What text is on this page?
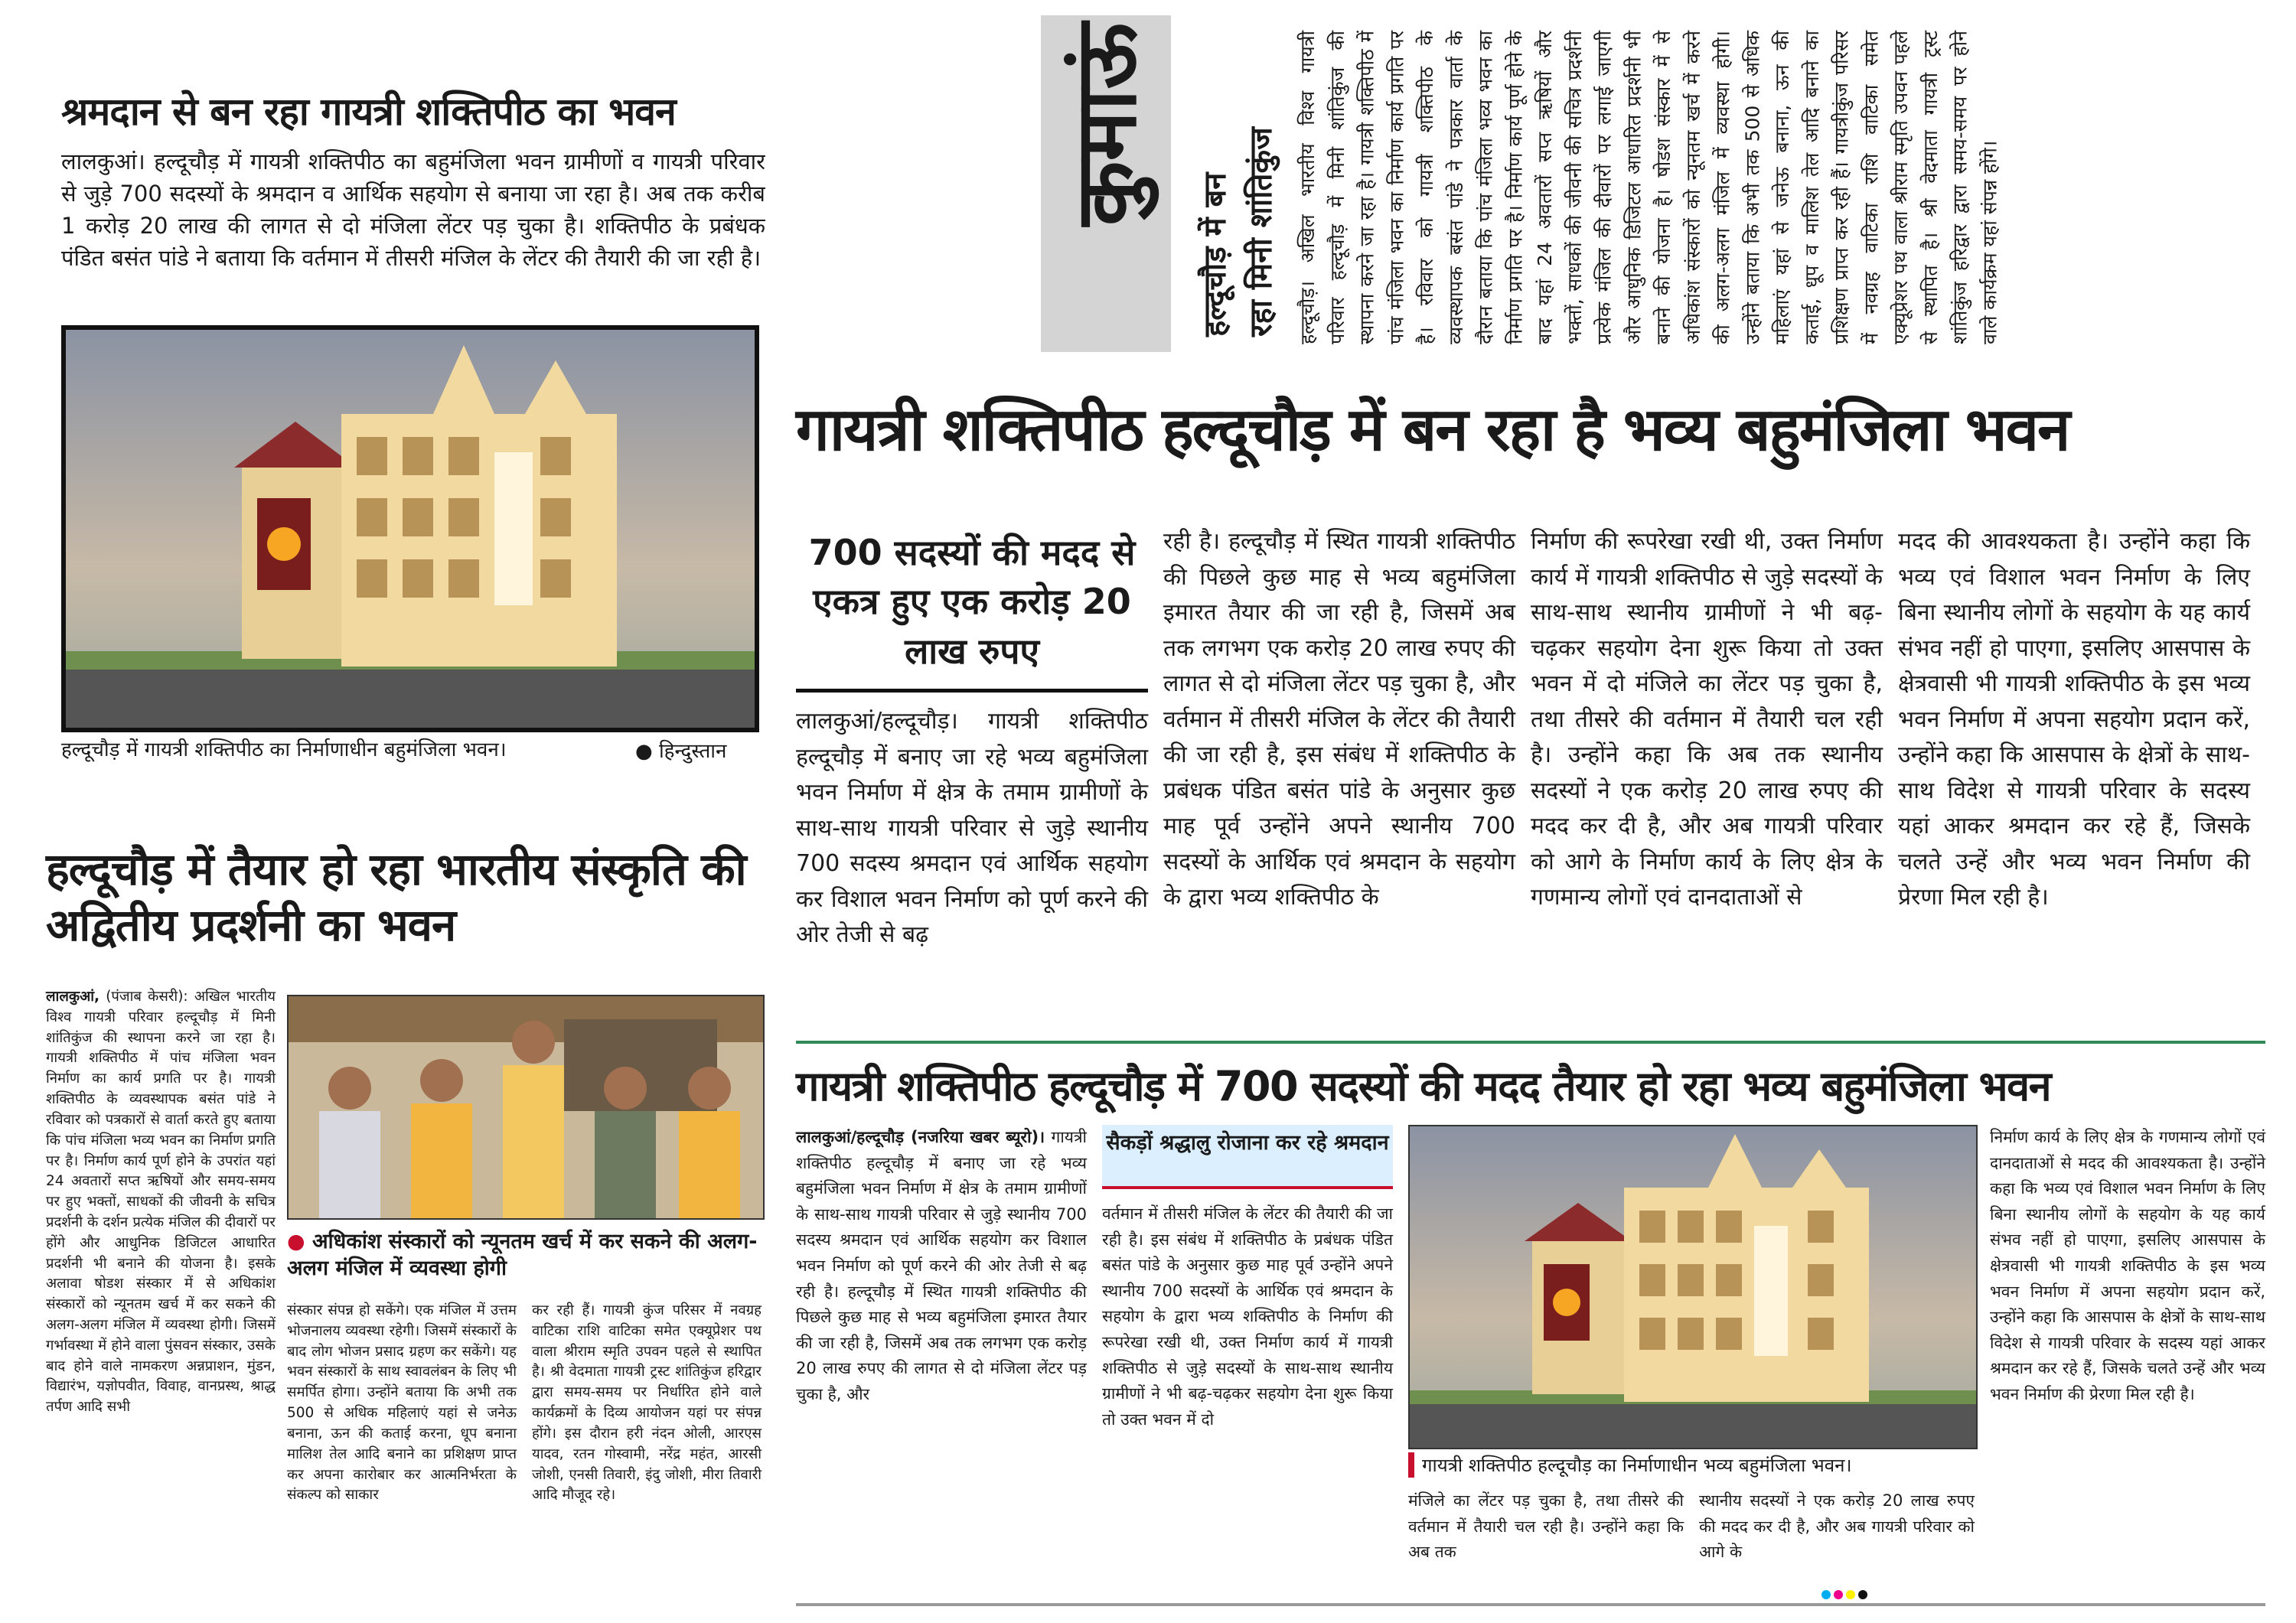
श्रमदान से बन रहा गायत्री शक्तिपीठ का भवन
लालकुआं। हल्दूचौड़ में गायत्री शक्तिपीठ का बहुमंजिला भवन ग्रामीणों व गायत्री परिवार से जुड़े 700 सदस्यों के श्रमदान व आर्थिक सहयोग से बनाया जा रहा है। अब तक करीब 1 करोड़ 20 लाख की लागत से दो मंजिला लेंटर पड़ चुका है। शक्तिपीठ के प्रबंधक पंडित बसंत पांडे ने बताया कि वर्तमान में तीसरी मंजिल के लेंटर की तैयारी की जा रही है।
हल्दूचौड़ में गायत्री शक्तिपीठ का निर्माणाधीन बहुमंजिला भवन।	● हिन्दुस्तान
कुमाऊं
हल्दूचौड़ में बन रहा मिनी शांतिकुंज हल्दूचौड़। अखिल भारतीय विश्व गायत्री परिवार हल्दूचौड़ में मिनी शांतिकुंज की स्थापना करने जा रहा है। गायत्री शक्तिपीठ में पांच मंजिला भवन का निर्माण कार्य प्रगति पर है। रविवार को गायत्री शक्तिपीठ के व्यवस्थापक बसंत पांडे ने पत्रकार वार्ता के दौरान बताया कि पांच मंजिला भव्य भवन का निर्माण प्रगति पर है। निर्माण कार्य पूर्ण होने के बाद यहां 24 अवतारों सप्त ऋषियों और भक्तों, साधकों की जीवनी की सचित्र प्रदर्शनी प्रत्येक मंजिल की दीवारों पर लगाई जाएगी और आधुनिक डिजिटल आधारित प्रदर्शनी भी बनाने की योजना है। षोडश संस्कार में से अधिकांश संस्कारों को न्यूनतम खर्च में करने की अलग-अलग मंजिल में व्यवस्था होगी। उन्होंने बताया कि अभी तक 500 से अधिक महिलाएं यहां से जनेऊ बनाना, ऊन की कताई, धूप व मालिश तेल आदि बनाने का प्रशिक्षण प्राप्त कर रही हैं। गायत्रीकुंज परिसर में नवग्रह वाटिका राशि वाटिका समेत एक्यूप्रेशर पथ वाला श्रीराम स्मृति उपवन पहले से स्थापित है। श्री वेदमाता गायत्री ट्रस्ट शांतिकुंज हरिद्वार द्वारा समय-समय पर होने वाले कार्यक्रम यहां संपन्न होंगे।
गायत्री शक्तिपीठ हल्दूचौड़ में बन रहा है भव्य बहुमंजिला भवन
700 सदस्यों की मदद से एकत्र हुए एक करोड़ 20 लाख रुपए
लालकुआं/हल्दूचौड़। गायत्री शक्तिपीठ हल्दूचौड़ में बनाए जा रहे भव्य बहुमंजिला भवन निर्माण में क्षेत्र के तमाम ग्रामीणों के साथ-साथ गायत्री परिवार से जुड़े स्थानीय 700 सदस्य श्रमदान एवं आर्थिक सहयोग कर विशाल भवन निर्माण को पूर्ण करने की ओर तेजी से बढ़
रही है। हल्दूचौड़ में स्थित गायत्री शक्तिपीठ की पिछले कुछ माह से भव्य बहुमंजिला इमारत तैयार की जा रही है, जिसमें अब तक लगभग एक करोड़ 20 लाख रुपए की लागत से दो मंजिला लेंटर पड़ चुका है, और वर्तमान में तीसरी मंजिल के लेंटर की तैयारी की जा रही है, इस संबंध में शक्तिपीठ के प्रबंधक पंडित बसंत पांडे के अनुसार कुछ माह पूर्व उन्होंने अपने स्थानीय 700 सदस्यों के आर्थिक एवं श्रमदान के सहयोग के द्वारा भव्य शक्तिपीठ के
निर्माण की रूपरेखा रखी थी, उक्त निर्माण कार्य में गायत्री शक्तिपीठ से जुड़े सदस्यों के साथ-साथ स्थानीय ग्रामीणों ने भी बढ़-चढ़कर सहयोग देना शुरू किया तो उक्त भवन में दो मंजिले का लेंटर पड़ चुका है, तथा तीसरे की वर्तमान में तैयारी चल रही है। उन्होंने कहा कि अब तक स्थानीय सदस्यों ने एक करोड़ 20 लाख रुपए की मदद कर दी है, और अब गायत्री परिवार को आगे के निर्माण कार्य के लिए क्षेत्र के गणमान्य लोगों एवं दानदाताओं से
मदद की आवश्यकता है। उन्होंने कहा कि भव्य एवं विशाल भवन निर्माण के लिए बिना स्थानीय लोगों के सहयोग के यह कार्य संभव नहीं हो पाएगा, इसलिए आसपास के क्षेत्रवासी भी गायत्री शक्तिपीठ के इस भव्य भवन निर्माण में अपना सहयोग प्रदान करें, उन्होंने कहा कि आसपास के क्षेत्रों के साथ-साथ विदेश से गायत्री परिवार के सदस्य यहां आकर श्रमदान कर रहे हैं, जिसके चलते उन्हें और भव्य भवन निर्माण की प्रेरणा मिल रही है।
हल्दूचौड़ में तैयार हो रहा भारतीय संस्कृति की अद्वितीय प्रदर्शनी का भवन
लालकुआं, (पंजाब केसरी): अखिल भारतीय विश्व गायत्री परिवार हल्दूचौड़ में मिनी शांतिकुंज की स्थापना करने जा रहा है। गायत्री शक्तिपीठ में पांच मंजिला भवन निर्माण का कार्य प्रगति पर है। गायत्री शक्तिपीठ के व्यवस्थापक बसंत पांडे ने रविवार को पत्रकारों से वार्ता करते हुए बताया कि पांच मंजिला भव्य भवन का निर्माण प्रगति पर है। निर्माण कार्य पूर्ण होने के उपरांत यहां 24 अवतारों सप्त ऋषियों और समय-समय पर हुए भक्तों, साधकों की जीवनी के सचित्र प्रदर्शनी के दर्शन प्रत्येक मंजिल की दीवारों पर होंगे और आधुनिक डिजिटल आधारित प्रदर्शनी भी बनाने की योजना है। इसके अलावा षोडश संस्कार में से अधिकांश संस्कारों को न्यूनतम खर्च में कर सकने की अलग-अलग मंजिल में व्यवस्था होगी। जिसमें गर्भावस्था में होने वाला पुंसवन संस्कार, उसके बाद होने वाले नामकरण अन्नप्राशन, मुंडन, विद्यारंभ, यज्ञोपवीत, विवाह, वानप्रस्थ, श्राद्ध तर्पण आदि सभी
● अधिकांश संस्कारों को न्यूनतम खर्च में कर सकने की अलग-अलग मंजिल में व्यवस्था होगी
संस्कार संपन्न हो सकेंगे। एक मंजिल में उत्तम भोजनालय व्यवस्था रहेगी। जिसमें संस्कारों के बाद लोग भोजन प्रसाद ग्रहण कर सकेंगे। यह भवन संस्कारों के साथ स्वावलंबन के लिए भी समर्पित होगा। उन्होंने बताया कि अभी तक 500 से अधिक महिलाएं यहां से जनेऊ बनाना, ऊन की कताई करना, धूप बनाना मालिश तेल आदि बनाने का प्रशिक्षण प्राप्त कर अपना कारोबार कर आत्मनिर्भरता के संकल्प को साकार
कर रही हैं। गायत्री कुंज परिसर में नवग्रह वाटिका राशि वाटिका समेत एक्यूप्रेशर पथ वाला श्रीराम स्मृति उपवन पहले से स्थापित है। श्री वेदमाता गायत्री ट्रस्ट शांतिकुंज हरिद्वार द्वारा समय-समय पर निर्धारित होने वाले कार्यक्रमों के दिव्य आयोजन यहां पर संपन्न होंगे। इस दौरान हरी नंदन ओली, आरएस यादव, रतन गोस्वामी, नरेंद्र महंत, आरसी जोशी, एनसी तिवारी, इंदु जोशी, मीरा तिवारी आदि मौजूद रहे।
गायत्री शक्तिपीठ हल्दूचौड़ में 700 सदस्यों की मदद तैयार हो रहा भव्य बहुमंजिला भवन
लालकुआं/हल्दूचौड़ (नजरिया खबर ब्यूरो)। गायत्री शक्तिपीठ हल्दूचौड़ में बनाए जा रहे भव्य बहुमंजिला भवन निर्माण में क्षेत्र के तमाम ग्रामीणों के साथ-साथ गायत्री परिवार से जुड़े स्थानीय 700 सदस्य श्रमदान एवं आर्थिक सहयोग कर विशाल भवन निर्माण को पूर्ण करने की ओर तेजी से बढ़ रही है। हल्दूचौड़ में स्थित गायत्री शक्तिपीठ की पिछले कुछ माह से भव्य बहुमंजिला इमारत तैयार की जा रही है, जिसमें अब तक लगभग एक करोड़ 20 लाख रुपए की लागत से दो मंजिला लेंटर पड़ चुका है, और
सैकड़ों श्रद्धालु रोजाना कर रहे श्रमदान
वर्तमान में तीसरी मंजिल के लेंटर की तैयारी की जा रही है। इस संबंध में शक्तिपीठ के प्रबंधक पंडित बसंत पांडे के अनुसार कुछ माह पूर्व उन्होंने अपने स्थानीय 700 सदस्यों के आर्थिक एवं श्रमदान के सहयोग के द्वारा भव्य शक्तिपीठ के निर्माण की रूपरेखा रखी थी, उक्त निर्माण कार्य में गायत्री शक्तिपीठ से जुड़े सदस्यों के साथ-साथ स्थानीय ग्रामीणों ने भी बढ़-चढ़कर सहयोग देना शुरू किया तो उक्त भवन में दो
गायत्री शक्तिपीठ हल्दूचौड़ का निर्माणाधीन भव्य बहुमंजिला भवन।
मंजिले का लेंटर पड़ चुका है, तथा तीसरे की वर्तमान में तैयारी चल रही है। उन्होंने कहा कि अब तक
स्थानीय सदस्यों ने एक करोड़ 20 लाख रुपए की मदद कर दी है, और अब गायत्री परिवार को आगे के
निर्माण कार्य के लिए क्षेत्र के गणमान्य लोगों एवं दानदाताओं से मदद की आवश्यकता है। उन्होंने कहा कि भव्य एवं विशाल भवन निर्माण के लिए बिना स्थानीय लोगों के सहयोग के यह कार्य संभव नहीं हो पाएगा, इसलिए आसपास के क्षेत्रवासी भी गायत्री शक्तिपीठ के इस भव्य भवन निर्माण में अपना सहयोग प्रदान करें, उन्होंने कहा कि आसपास के क्षेत्रों के साथ-साथ विदेश से गायत्री परिवार के सदस्य यहां आकर श्रमदान कर रहे हैं, जिसके चलते उन्हें और भव्य भवन निर्माण की प्रेरणा मिल रही है।
